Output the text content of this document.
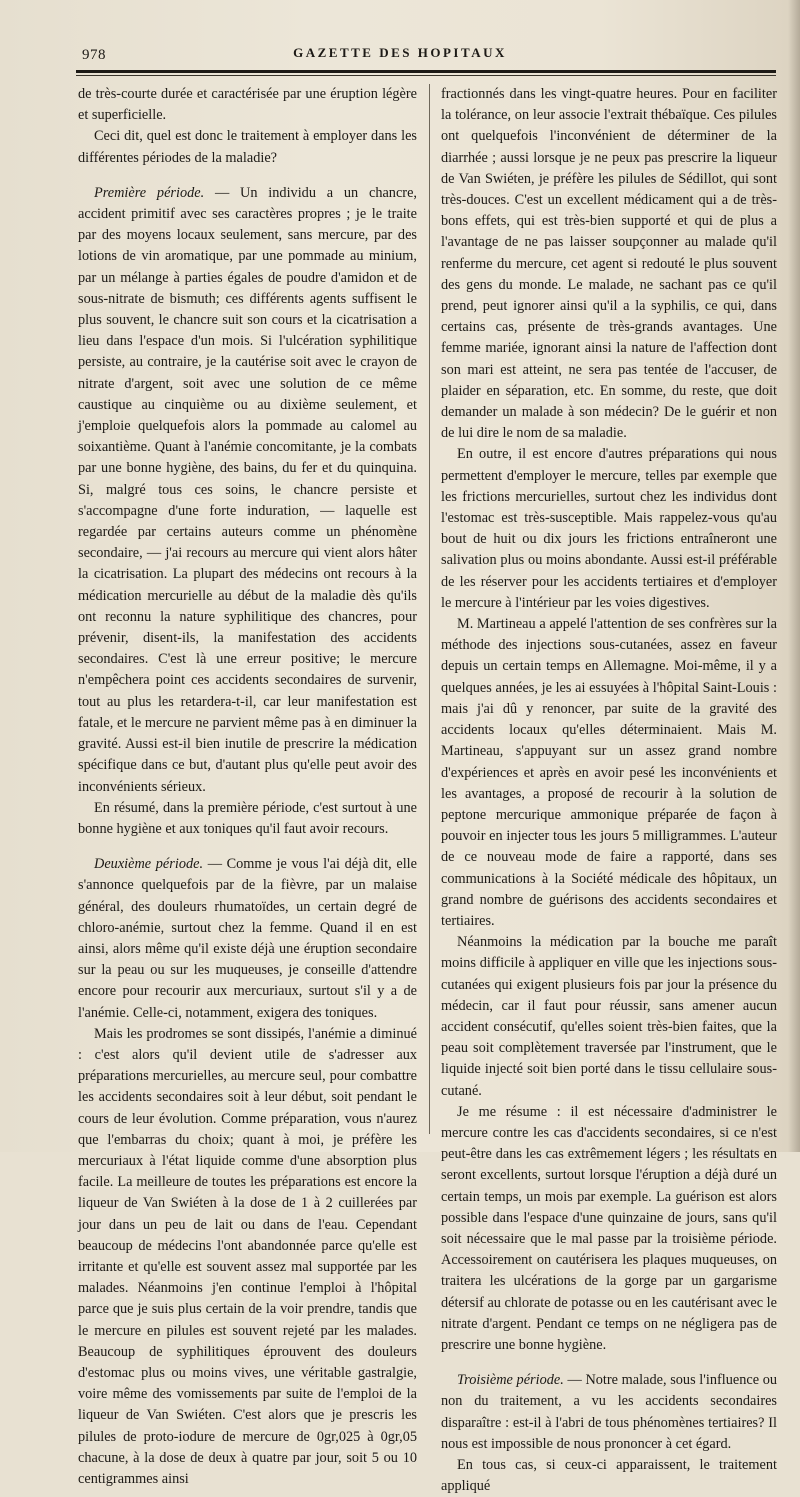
978	GAZETTE DES HOPITAUX

de très-courte durée et caractérisée par une éruption légère et superficielle.

Ceci dit, quel est donc le traitement à employer dans les différentes périodes de la maladie?

Première période. — Un individu a un chancre, accident primitif avec ses caractères propres ; je le traite par des moyens locaux seulement, sans mercure, par des lotions de vin aromatique, par une pommade au minium, par un mélange à parties égales de poudre d'amidon et de sous-nitrate de bismuth; ces différents agents suffisent le plus souvent, le chancre suit son cours et la cicatrisation a lieu dans l'espace d'un mois. Si l'ulcération syphilitique persiste, au contraire, je la cautérise soit avec le crayon de nitrate d'argent, soit avec une solution de ce même caustique au cinquième ou au dixième seulement, et j'emploie quelquefois alors la pommade au calomel au soixantième. Quant à l'anémie concomitante, je la combats par une bonne hygiène, des bains, du fer et du quinquina. Si, malgré tous ces soins, le chancre persiste et s'accompagne d'une forte induration, — laquelle est regardée par certains auteurs comme un phénomène secondaire, — j'ai recours au mercure qui vient alors hâter la cicatrisation. La plupart des médecins ont recours à la médication mercurielle au début de la maladie dès qu'ils ont reconnu la nature syphilitique des chancres, pour prévenir, disent-ils, la manifestation des accidents secondaires. C'est là une erreur positive; le mercure n'empêchera point ces accidents secondaires de survenir, tout au plus les retardera-t-il, car leur manifestation est fatale, et le mercure ne parvient même pas à en diminuer la gravité. Aussi est-il bien inutile de prescrire la médication spécifique dans ce but, d'autant plus qu'elle peut avoir des inconvénients sérieux.

En résumé, dans la première période, c'est surtout à une bonne hygiène et aux toniques qu'il faut avoir recours.

Deuxième période. — Comme je vous l'ai déjà dit, elle s'annonce quelquefois par de la fièvre, par un malaise général, des douleurs rhumatoïdes, un certain degré de chloro-anémie, surtout chez la femme. Quand il en est ainsi, alors même qu'il existe déjà une éruption secondaire sur la peau ou sur les muqueuses, je conseille d'attendre encore pour recourir aux mercuriaux, surtout s'il y a de l'anémie. Celle-ci, notamment, exigera des toniques.

Mais les prodromes se sont dissipés, l'anémie a diminué : c'est alors qu'il devient utile de s'adresser aux préparations mercurielles, au mercure seul, pour combattre les accidents secondaires soit à leur début, soit pendant le cours de leur évolution. Comme préparation, vous n'aurez que l'embarras du choix; quant à moi, je préfère les mercuriaux à l'état liquide comme d'une absorption plus facile. La meilleure de toutes les préparations est encore la liqueur de Van Swiéten à la dose de 1 à 2 cuillerées par jour dans un peu de lait ou dans de l'eau. Cependant beaucoup de médecins l'ont abandonnée parce qu'elle est irritante et qu'elle est souvent assez mal supportée par les malades. Néanmoins j'en continue l'emploi à l'hôpital parce que je suis plus certain de la voir prendre, tandis que le mercure en pilules est souvent rejeté par les malades. Beaucoup de syphilitiques éprouvent des douleurs d'estomac plus ou moins vives, une véritable gastralgie, voire même des vomissements par suite de l'emploi de la liqueur de Van Swiéten. C'est alors que je prescris les pilules de proto-iodure de mercure de 0gr,025 à 0gr,05 chacune, à la dose de deux à quatre par jour, soit 5 ou 10 centigrammes ainsi

fractionnés dans les vingt-quatre heures. Pour en faciliter la tolérance, on leur associe l'extrait thébaïque. Ces pilules ont quelquefois l'inconvénient de déterminer de la diarrhée ; aussi lorsque je ne peux pas prescrire la liqueur de Van Swiéten, je préfère les pilules de Sédillot, qui sont très-douces. C'est un excellent médicament qui a de très-bons effets, qui est très-bien supporté et qui de plus a l'avantage de ne pas laisser soupçonner au malade qu'il renferme du mercure, cet agent si redouté le plus souvent des gens du monde. Le malade, ne sachant pas ce qu'il prend, peut ignorer ainsi qu'il a la syphilis, ce qui, dans certains cas, présente de très-grands avantages. Une femme mariée, ignorant ainsi la nature de l'affection dont son mari est atteint, ne sera pas tentée de l'accuser, de plaider en séparation, etc. En somme, du reste, que doit demander un malade à son médecin? De le guérir et non de lui dire le nom de sa maladie.

En outre, il est encore d'autres préparations qui nous permettent d'employer le mercure, telles par exemple que les frictions mercurielles, surtout chez les individus dont l'estomac est très-susceptible. Mais rappelez-vous qu'au bout de huit ou dix jours les frictions entraîneront une salivation plus ou moins abondante. Aussi est-il préférable de les réserver pour les accidents tertiaires et d'employer le mercure à l'intérieur par les voies digestives.

M. Martineau a appelé l'attention de ses confrères sur la méthode des injections sous-cutanées, assez en faveur depuis un certain temps en Allemagne. Moi-même, il y a quelques années, je les ai essuyées à l'hôpital Saint-Louis : mais j'ai dû y renoncer, par suite de la gravité des accidents locaux qu'elles déterminaient. Mais M. Martineau, s'appuyant sur un assez grand nombre d'expériences et après en avoir pesé les inconvénients et les avantages, a proposé de recourir à la solution de peptone mercurique ammonique préparée de façon à pouvoir en injecter tous les jours 5 milligrammes. L'auteur de ce nouveau mode de faire a rapporté, dans ses communications à la Société médicale des hôpitaux, un grand nombre de guérisons des accidents secondaires et tertiaires.

Néanmoins la médication par la bouche me paraît moins difficile à appliquer en ville que les injections sous-cutanées qui exigent plusieurs fois par jour la présence du médecin, car il faut pour réussir, sans amener aucun accident consécutif, qu'elles soient très-bien faites, que la peau soit complètement traversée par l'instrument, que le liquide injecté soit bien porté dans le tissu cellulaire sous-cutané.

Je me résume : il est nécessaire d'administrer le mercure contre les cas d'accidents secondaires, si ce n'est peut-être dans les cas extrêmement légers ; les résultats en seront excellents, surtout lorsque l'éruption a déjà duré un certain temps, un mois par exemple. La guérison est alors possible dans l'espace d'une quinzaine de jours, sans qu'il soit nécessaire que le mal passe par la troisième période. Accessoirement on cautérisera les plaques muqueuses, on traitera les ulcérations de la gorge par un gargarisme détersif au chlorate de potasse ou en les cautérisant avec le nitrate d'argent. Pendant ce temps on ne négligera pas de prescrire une bonne hygiène.

Troisième période. — Notre malade, sous l'influence ou non du traitement, a vu les accidents secondaires disparaître : est-il à l'abri de tous phénomènes tertiaires? Il nous est impossible de nous prononcer à cet égard.

En tous cas, si ceux-ci apparaissent, le traitement appliqué
